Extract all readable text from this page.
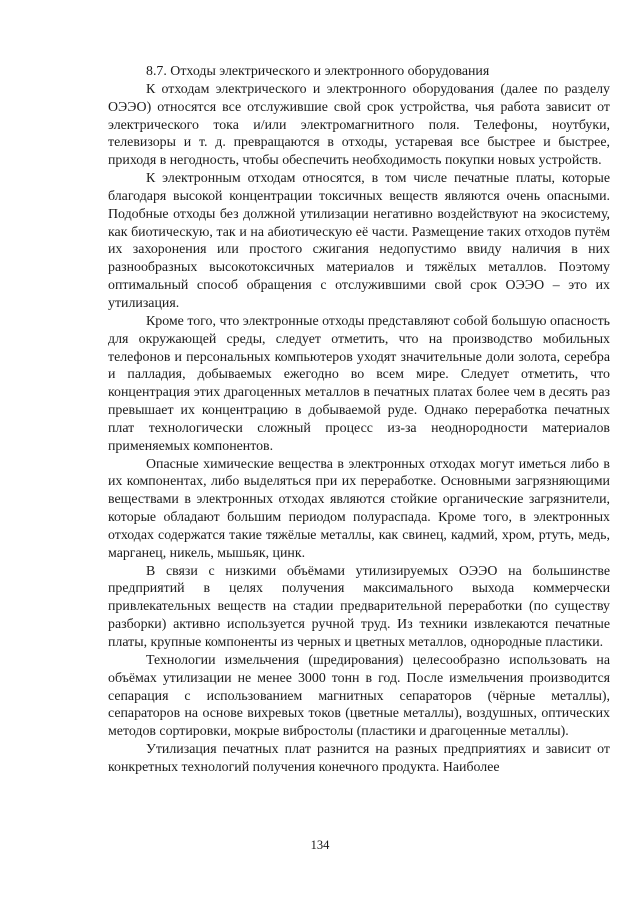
8.7. Отходы электрического и электронного оборудования

К отходам электрического и электронного оборудования (далее по разделу ОЭЭО) относятся все отслужившие свой срок устройства, чья работа зависит от электрического тока и/или электромагнитного поля. Телефоны, ноутбуки, телевизоры и т. д. превращаются в отходы, устаревая все быстрее и быстрее, приходя в негодность, чтобы обеспечить необходимость покупки новых устройств.

К электронным отходам относятся, в том числе печатные платы, которые благодаря высокой концентрации токсичных веществ являются очень опасными. Подобные отходы без должной утилизации негативно воздействуют на экосистему, как биотическую, так и на абиотическую её части. Размещение таких отходов путём их захоронения или простого сжигания недопустимо ввиду наличия в них разнообразных высокотоксичных материалов и тяжёлых металлов. Поэтому оптимальный способ обращения с отслужившими свой срок ОЭЭО – это их утилизация.

Кроме того, что электронные отходы представляют собой большую опасность для окружающей среды, следует отметить, что на производство мобильных телефонов и персональных компьютеров уходят значительные доли золота, серебра и палладия, добываемых ежегодно во всем мире. Следует отметить, что концентрация этих драгоценных металлов в печатных платах более чем в десять раз превышает их концентрацию в добываемой руде. Однако переработка печатных плат технологически сложный процесс из-за неоднородности материалов применяемых компонентов.

Опасные химические вещества в электронных отходах могут иметься либо в их компонентах, либо выделяться при их переработке. Основными загрязняющими веществами в электронных отходах являются стойкие органические загрязнители, которые обладают большим периодом полураспада. Кроме того, в электронных отходах содержатся такие тяжёлые металлы, как свинец, кадмий, хром, ртуть, медь, марганец, никель, мышьяк, цинк.

В связи с низкими объёмами утилизируемых ОЭЭО на большинстве предприятий в целях получения максимального выхода коммерчески привлекательных веществ на стадии предварительной переработки (по существу разборки) активно используется ручной труд. Из техники извлекаются печатные платы, крупные компоненты из черных и цветных металлов, однородные пластики.

Технологии измельчения (шредирования) целесообразно использовать на объёмах утилизации не менее 3000 тонн в год. После измельчения производится сепарация с использованием магнитных сепараторов (чёрные металлы), сепараторов на основе вихревых токов (цветные металлы), воздушных, оптических методов сортировки, мокрые вибростолы (пластики и драгоценные металлы).

Утилизация печатных плат разнится на разных предприятиях и зависит от конкретных технологий получения конечного продукта. Наиболее

134
